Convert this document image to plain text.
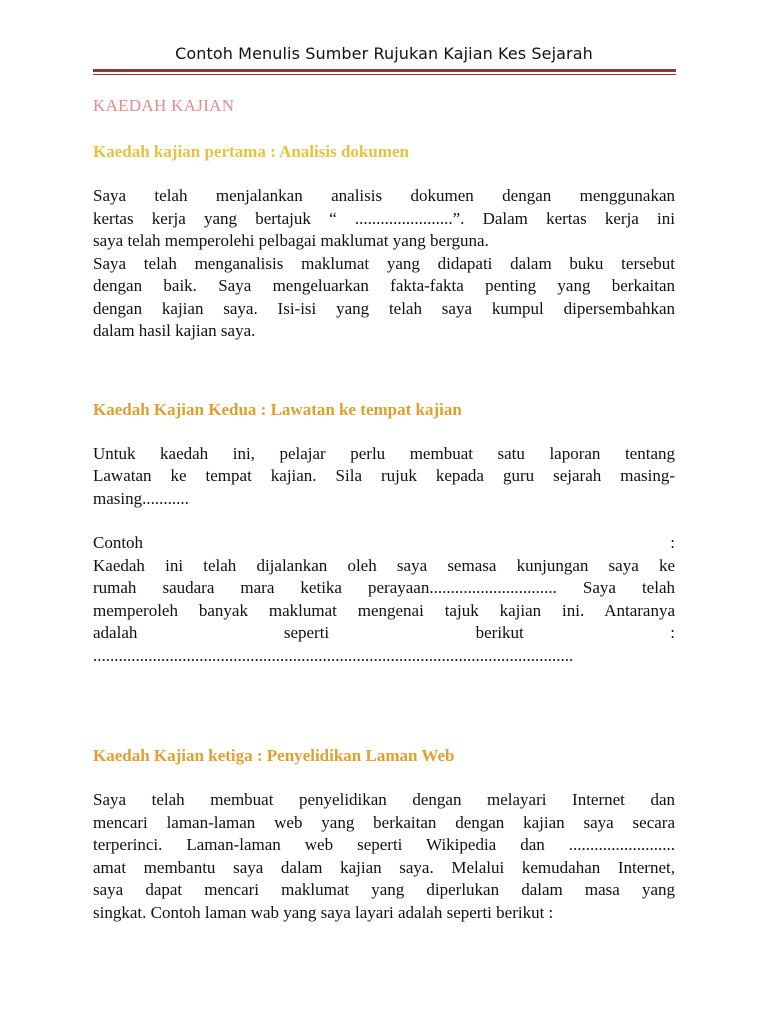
Contoh Menulis Sumber Rujukan Kajian Kes Sejarah
KAEDAH KAJIAN
Kaedah kajian pertama : Analisis dokumen

Saya telah menjalankan analisis dokumen dengan menggunakan

kertas kerja yang bertajuk “ .......................”. Dalam kertas kerja ini

saya telah memperolehi pelbagai maklumat yang berguna.

Saya telah menganalisis maklumat yang didapati dalam buku tersebut

dengan baik. Saya mengeluarkan fakta-fakta penting yang berkaitan

dengan kajian saya. Isi-isi yang telah saya kumpul dipersembahkan

dalam hasil kajian saya.

Kaedah Kajian Kedua : Lawatan ke tempat kajian

Untuk kaedah ini, pelajar perlu membuat satu laporan tentang

Lawatan ke tempat kajian. Sila rujuk kepada guru sejarah masing-

masing...........

Contoh :

Kaedah ini telah dijalankan oleh saya semasa kunjungan saya ke

rumah saudara mara ketika perayaan.............................. Saya telah

memperoleh banyak maklumat mengenai tajuk kajian ini. Antaranya

adalah seperti berikut :

.................................................................................................................

Kaedah Kajian ketiga : Penyelidikan Laman Web

Saya telah membuat penyelidikan dengan melayari Internet dan

mencari laman-laman web yang berkaitan dengan kajian saya secara

terperinci. Laman-laman web seperti Wikipedia dan .........................

amat membantu saya dalam kajian saya. Melalui kemudahan Internet,

saya dapat mencari maklumat yang diperlukan dalam masa yang

singkat. Contoh laman wab yang saya layari adalah seperti berikut :
